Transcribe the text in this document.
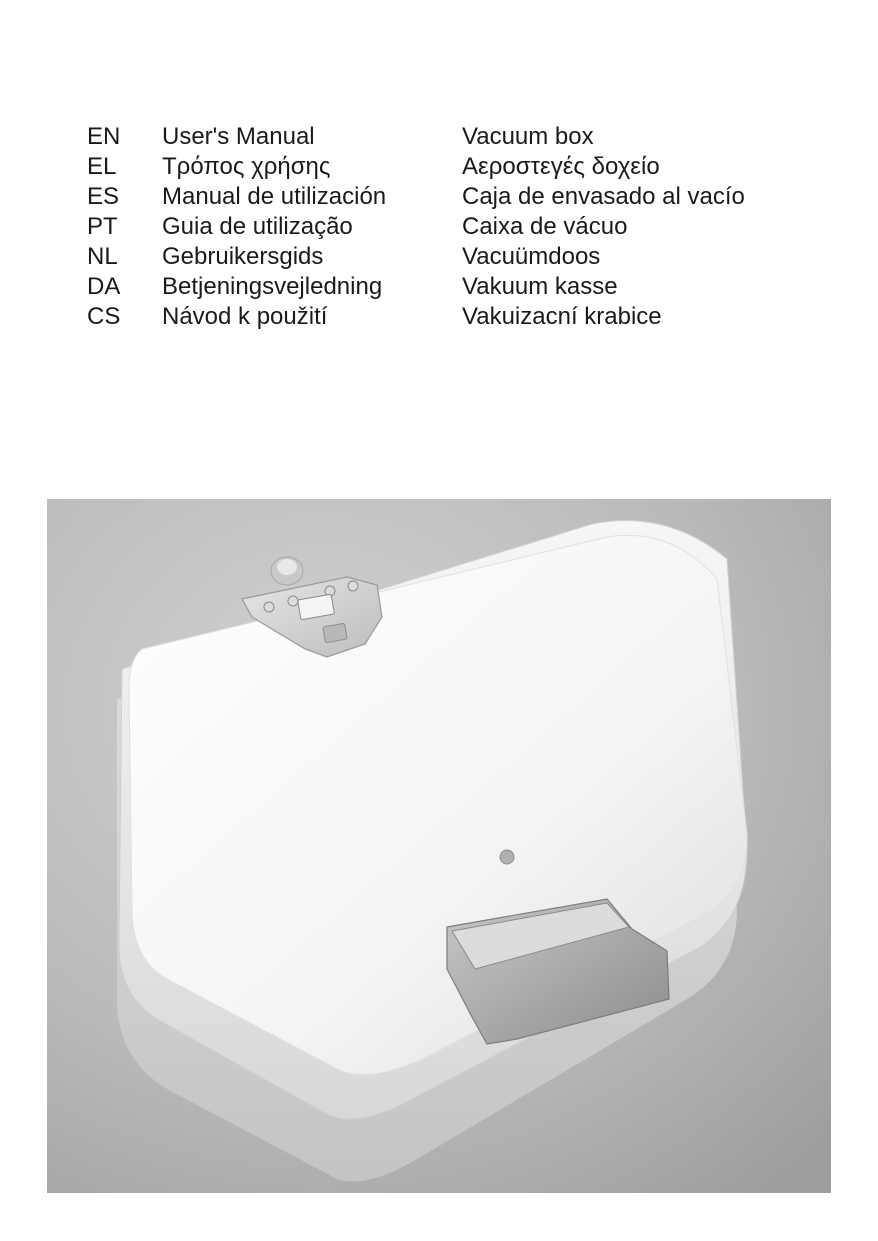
EN User's Manual	Vacuum box
EL Τρόπος χρήσης	Αεροστεγές δοχείο
ES Manual de utilización	Caja de envasado al vacío
PT Guia de utilização	Caixa de vácuo
NL Gebruikersgids	Vacuümdoos
DA Betjeningsvejledning	Vakuum kasse
CS Návod k použití	Vakuizacní krabice
